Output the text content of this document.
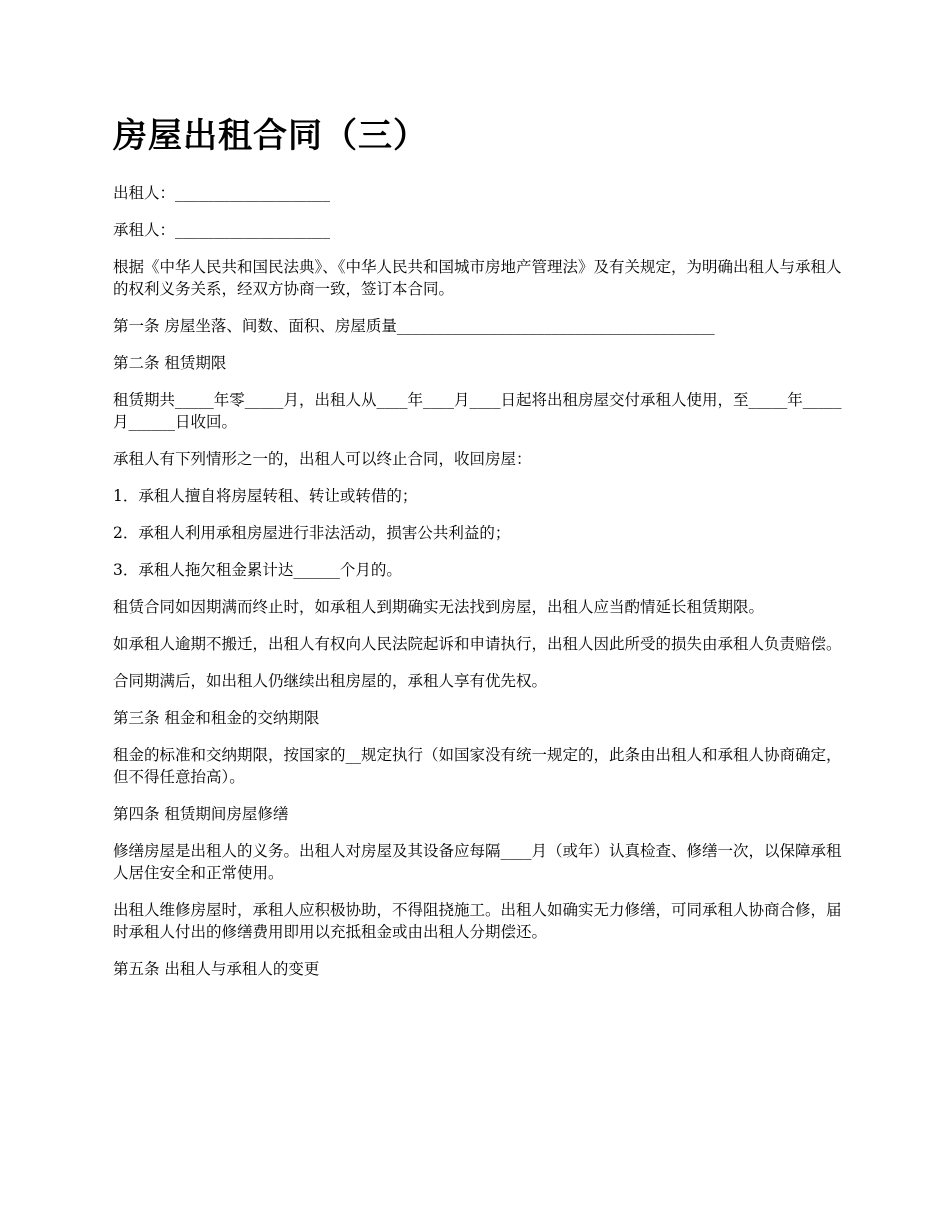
房屋出租合同（三）

出租人：____________________

承租人：____________________

根据《中华人民共和国民法典》、《中华人民共和国城市房地产管理法》及有关规定，为明确出租人与承租人的权利义务关系，经双方协商一致，签订本合同。

第一条 房屋坐落、间数、面积、房屋质量_________________________________________

第二条 租赁期限

租赁期共_____年零_____月，出租人从____年____月____日起将出租房屋交付承租人使用，至_____年_____月______日收回。

承租人有下列情形之一的，出租人可以终止合同，收回房屋：

1．承租人擅自将房屋转租、转让或转借的；

2．承租人利用承租房屋进行非法活动，损害公共利益的；

3．承租人拖欠租金累计达______个月的。

租赁合同如因期满而终止时，如承租人到期确实无法找到房屋，出租人应当酌情延长租赁期限。

如承租人逾期不搬迁，出租人有权向人民法院起诉和申请执行，出租人因此所受的损失由承租人负责赔偿。

合同期满后，如出租人仍继续出租房屋的，承租人享有优先权。

第三条 租金和租金的交纳期限

租金的标准和交纳期限，按国家的__规定执行（如国家没有统一规定的，此条由出租人和承租人协商确定，但不得任意抬高）。

第四条 租赁期间房屋修缮

修缮房屋是出租人的义务。出租人对房屋及其设备应每隔____月（或年）认真检查、修缮一次，以保障承租人居住安全和正常使用。

出租人维修房屋时，承租人应积极协助，不得阻挠施工。出租人如确实无力修缮，可同承租人协商合修，届时承租人付出的修缮费用即用以充抵租金或由出租人分期偿还。

第五条 出租人与承租人的变更
